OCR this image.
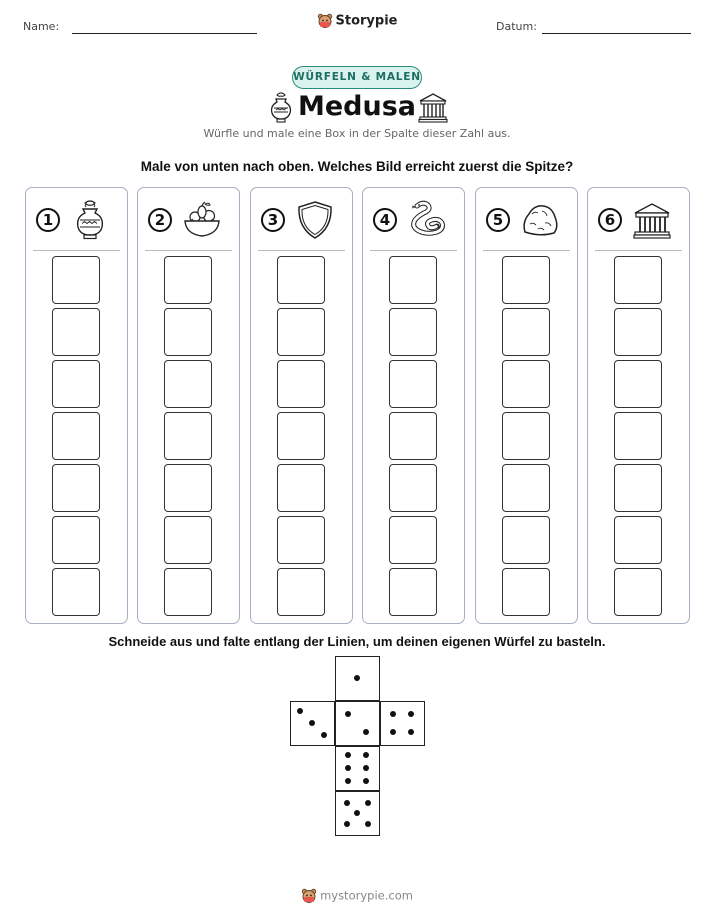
Name:	Storypie	Datum:
WÜRFELN & MALEN
Medusa
Würfle und male eine Box in der Spalte dieser Zahl aus.
Male von unten nach oben. Welches Bild erreicht zuerst die Spitze?
1	2	3	4	5	6
Schneide aus und falte entlang der Linien, um deinen eigenen Würfel zu basteln.
mystorypie.com
